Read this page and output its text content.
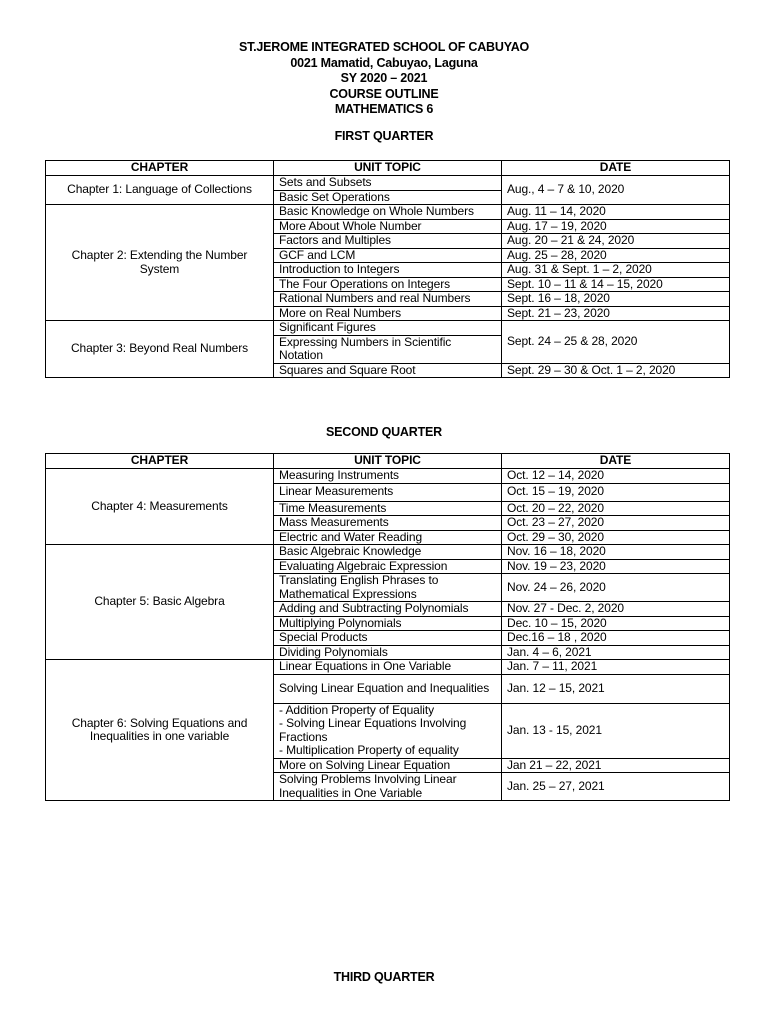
ST.JEROME INTEGRATED SCHOOL OF CABUYAO
0021 Mamatid, Cabuyao, Laguna
SY 2020 – 2021
COURSE OUTLINE
MATHEMATICS 6
FIRST QUARTER
CHAPTER	UNIT TOPIC	DATE
Chapter 1: Language of Collections	Sets and Subsets	Aug., 4 – 7 & 10, 2020
	Basic Set Operations	
Chapter 2: Extending the Number System	Basic Knowledge on Whole Numbers	Aug. 11 – 14, 2020
	More About Whole Number	Aug. 17 – 19, 2020
	Factors and Multiples	Aug. 20 – 21 & 24, 2020
	GCF and LCM	Aug. 25 – 28, 2020
	Introduction to Integers	Aug. 31 & Sept. 1 – 2, 2020
	The Four Operations on Integers	Sept. 10 – 11 & 14 – 15, 2020
	Rational Numbers and real Numbers	Sept. 16 – 18, 2020
	More on Real Numbers	Sept. 21 – 23, 2020
Chapter 3: Beyond Real Numbers	Significant Figures	Sept. 24 – 25 & 28, 2020
	Expressing Numbers in Scientific Notation	
	Squares and Square Root	Sept. 29 – 30 & Oct. 1 – 2, 2020
SECOND QUARTER
CHAPTER	UNIT TOPIC	DATE
Chapter 4: Measurements	Measuring Instruments	Oct. 12 – 14, 2020
	Linear Measurements	Oct. 15 – 19, 2020
	Time Measurements	Oct. 20 – 22, 2020
	Mass Measurements	Oct. 23 – 27, 2020
	Electric and Water Reading	Oct. 29 – 30, 2020
Chapter 5: Basic Algebra	Basic Algebraic Knowledge	Nov. 16 – 18, 2020
	Evaluating Algebraic Expression	Nov. 19 – 23, 2020
	Translating English Phrases to Mathematical Expressions	Nov. 24 – 26, 2020
	Adding and Subtracting Polynomials	Nov. 27 - Dec. 2, 2020
	Multiplying Polynomials	Dec. 10 – 15, 2020
	Special Products	Dec.16 – 18 , 2020
	Dividing Polynomials	Jan. 4 – 6, 2021
Chapter 6: Solving Equations and Inequalities in one variable	Linear Equations in One Variable	Jan. 7 – 11, 2021
	Solving Linear Equation and Inequalities	Jan. 12 – 15, 2021

	- Addition Property of Equality
- Solving Linear Equations Involving Fractions
- Multiplication Property of equality	Jan. 13 - 15, 2021
	More on Solving Linear Equation	Jan 21 – 22, 2021
	Solving Problems Involving Linear Inequalities in One Variable	Jan. 25 – 27, 2021
THIRD QUARTER
